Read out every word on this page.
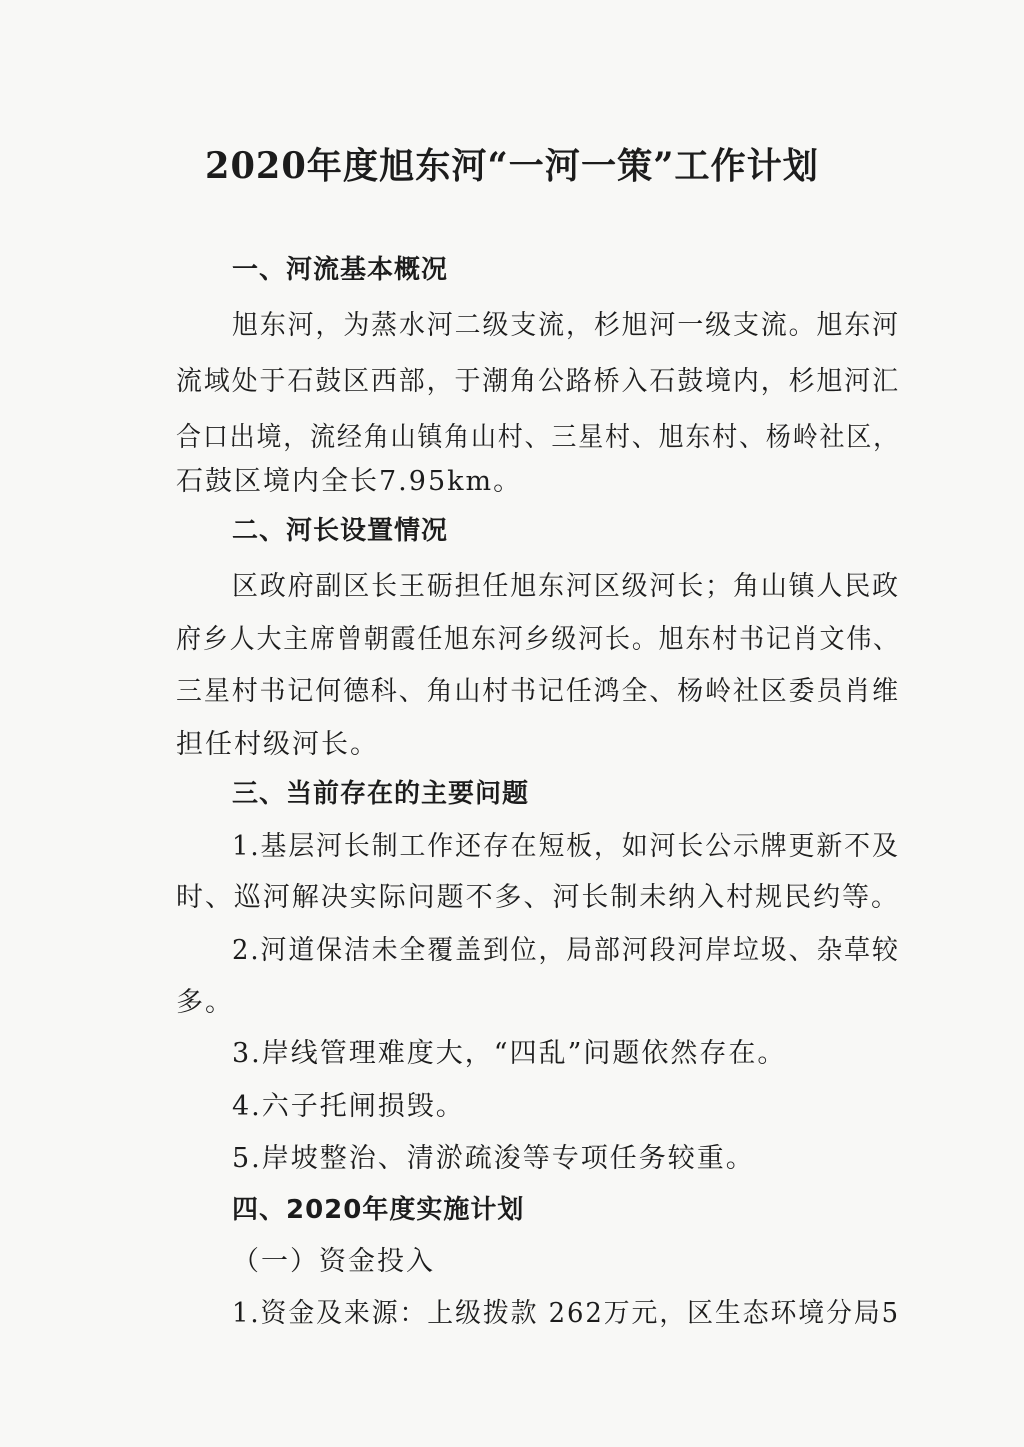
2020年度旭东河“一河一策”工作计划
一、河流基本概况
旭东河，为蒸水河二级支流，杉旭河一级支流。旭东河
流域处于石鼓区西部，于潮角公路桥入石鼓境内，杉旭河汇
合口出境，流经角山镇角山村、三星村、旭东村、杨岭社区，
石鼓区境内全长7.95km。
二、河长设置情况
区政府副区长王砺担任旭东河区级河长；角山镇人民政
府乡人大主席曾朝霞任旭东河乡级河长。旭东村书记肖文伟、
三星村书记何德科、角山村书记任鸿全、杨岭社区委员肖维
担任村级河长。
三、当前存在的主要问题
1.基层河长制工作还存在短板，如河长公示牌更新不及
时、巡河解决实际问题不多、河长制未纳入村规民约等。
2.河道保洁未全覆盖到位，局部河段河岸垃圾、杂草较
多。
3.岸线管理难度大，“四乱”问题依然存在。
4.六子托闸损毁。
5.岸坡整治、清淤疏浚等专项任务较重。
四、2020年度实施计划
（一）资金投入
1.资金及来源：上级拨款 262万元，区生态环境分局5
